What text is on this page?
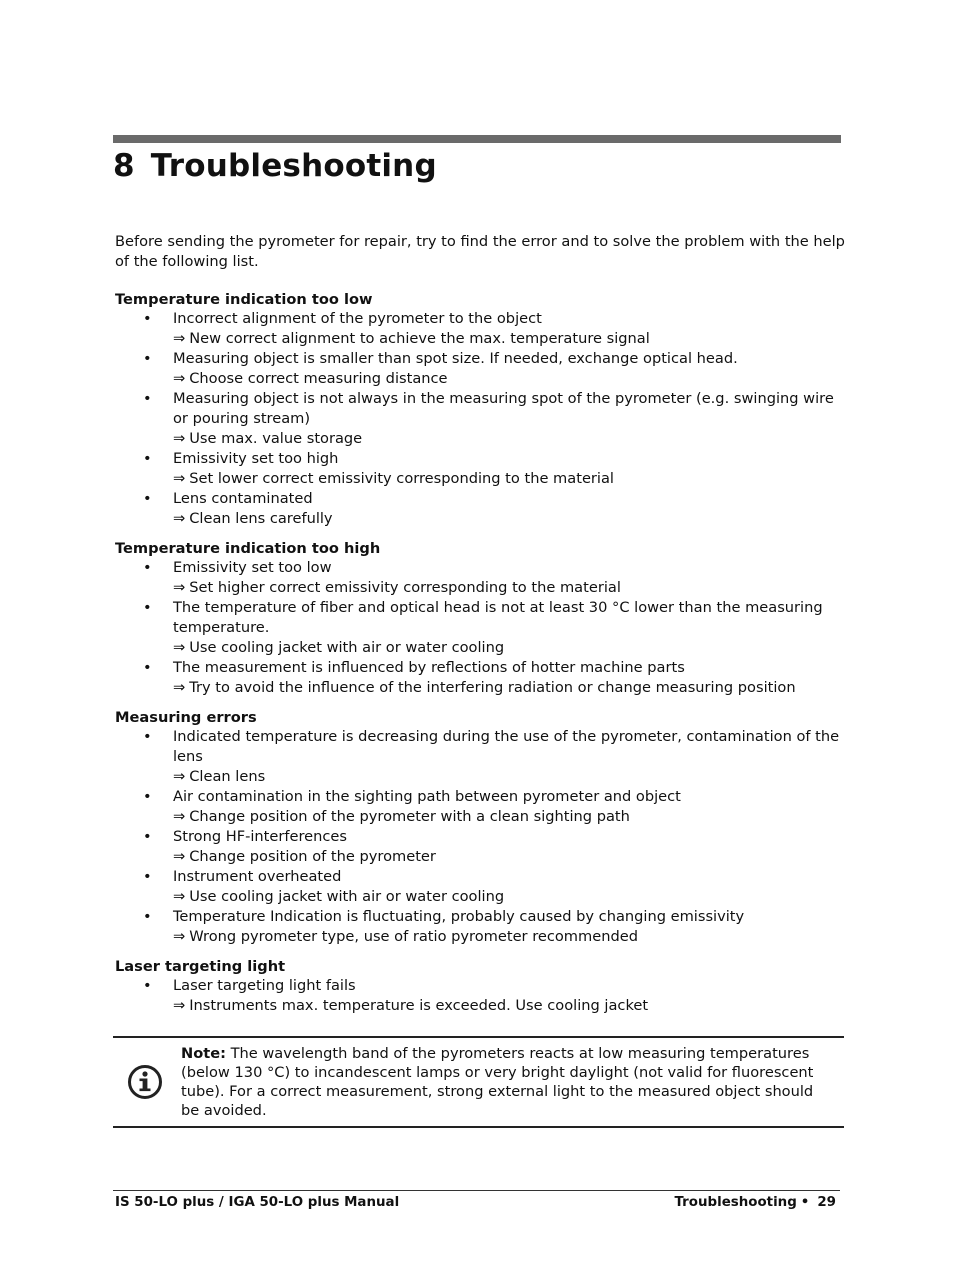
8 Troubleshooting

Before sending the pyrometer for repair, try to find the error and to solve the problem with the help of the following list.

Temperature indication too low

• Incorrect alignment of the pyrometer to the object
⇒ New correct alignment to achieve the max. temperature signal
• Measuring object is smaller than spot size. If needed, exchange optical head.
⇒ Choose correct measuring distance
• Measuring object is not always in the measuring spot of the pyrometer (e.g. swinging wire or pouring stream)
⇒ Use max. value storage
• Emissivity set too high
⇒ Set lower correct emissivity corresponding to the material
• Lens contaminated
⇒ Clean lens carefully

Temperature indication too high

• Emissivity set too low
⇒ Set higher correct emissivity corresponding to the material
• The temperature of fiber and optical head is not at least 30 °C lower than the measuring temperature.
⇒ Use cooling jacket with air or water cooling
• The measurement is influenced by reflections of hotter machine parts
⇒ Try to avoid the influence of the interfering radiation or change measuring position

Measuring errors

• Indicated temperature is decreasing during the use of the pyrometer, contamination of the lens
⇒ Clean lens
• Air contamination in the sighting path between pyrometer and object
⇒ Change position of the pyrometer with a clean sighting path
• Strong HF-interferences
⇒ Change position of the pyrometer
• Instrument overheated
⇒ Use cooling jacket with air or water cooling
• Temperature Indication is fluctuating, probably caused by changing emissivity
⇒ Wrong pyrometer type, use of ratio pyrometer recommended

Laser targeting light

• Laser targeting light fails
⇒ Instruments max. temperature is exceeded. Use cooling jacket

Note: The wavelength band of the pyrometers reacts at low measuring temperatures (below 130 °C) to incandescent lamps or very bright daylight (not valid for fluorescent tube). For a correct measurement, strong external light to the measured object should be avoided.

IS 50-LO plus / IGA 50-LO plus Manual	Troubleshooting • 29
